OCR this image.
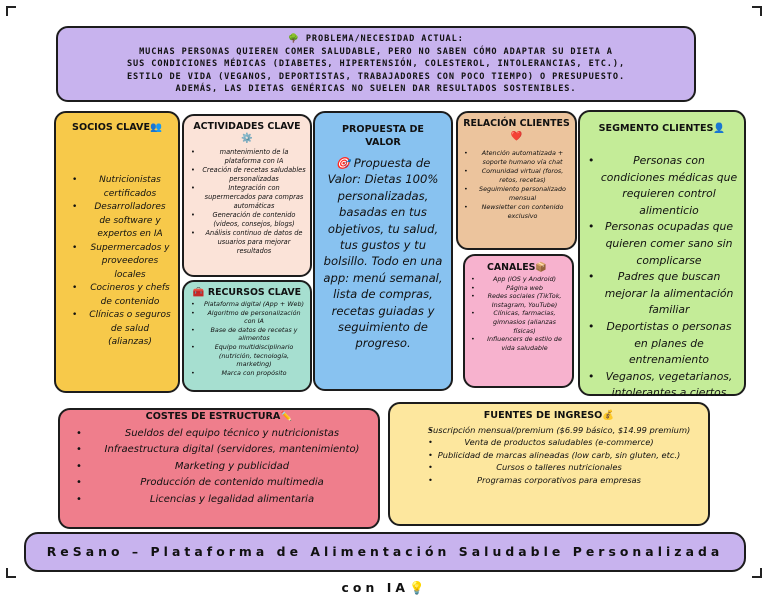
🌳 PROBLEMA/NECESIDAD ACTUAL:
MUCHAS PERSONAS QUIEREN COMER SALUDABLE, PERO NO SABEN CÓMO ADAPTAR SU DIETA A
SUS CONDICIONES MÉDICAS (DIABETES, HIPERTENSIÓN, COLESTEROL, INTOLERANCIAS, ETC.),
ESTILO DE VIDA (VEGANOS, DEPORTISTAS, TRABAJADORES CON POCO TIEMPO) O PRESUPUESTO.
ADEMÁS, LAS DIETAS GENÉRICAS NO SUELEN DAR RESULTADOS SOSTENIBLES.
SOCIOS CLAVE👥
• Nutricionistas certificados
• Desarrolladores de software y expertos en IA
• Supermercados y proveedores locales
• Cocineros y chefs de contenido
• Clínicas o seguros de salud (alianzas)
ACTIVIDADES CLAVE ⚙️
• mantenimiento de la plataforma con IA
• Creación de recetas saludables personalizadas
• Integración con supermercados para compras automáticas
• Generación de contenido (videos, consejos, blogs)
• Análisis continuo de datos de usuarios para mejorar resultados
🧰 RECURSOS CLAVE
• Plataforma digital (App + Web)
• Algoritmo de personalización con IA
• Base de datos de recetas y alimentos
• Equipo multidisciplinario (nutrición, tecnología, marketing)
• Marca con propósito
PROPUESTA DE VALOR
🎯 Propuesta de Valor: Dietas 100% personalizadas, basadas en tus objetivos, tu salud, tus gustos y tu bolsillo. Todo en una app: menú semanal, lista de compras, recetas guiadas y seguimiento de progreso.
RELACIÓN CLIENTES ❤️
• Atención automatizada + soporte humano vía chat
• Comunidad virtual (foros, retos, recetas)
• Seguimiento personalizado mensual
• Newsletter con contenido exclusivo
CANALES📦
• App (iOS y Android)
• Página web
• Redes sociales (TikTok, Instagram, YouTube)
• Clínicas, farmacias, gimnasios (alianzas físicas)
• Influencers de estilo de vida saludable
SEGMENTO CLIENTES👤
• Personas con condiciones médicas que requieren control alimenticio
• Personas ocupadas que quieren comer sano sin complicarse
• Padres que buscan mejorar la alimentación familiar
• Deportistas o personas en planes de entrenamiento
• Veganos, vegetarianos, intolerantes a ciertos
COSTES DE ESTRUCTURA✏️
• Sueldos del equipo técnico y nutricionistas
• Infraestructura digital (servidores, mantenimiento)
• Marketing y publicidad
• Producción de contenido multimedia
• Licencias y legalidad alimentaria
FUENTES DE INGRESO💰
• Suscripción mensual/premium ($6.99 básico, $14.99 premium)
• Venta de productos saludables (e-commerce)
• Publicidad de marcas alineadas (low carb, sin gluten, etc.)
• Cursos o talleres nutricionales
• Programas corporativos para empresas
ReSano – Plataforma de Alimentación Saludable Personalizada con IA💡
